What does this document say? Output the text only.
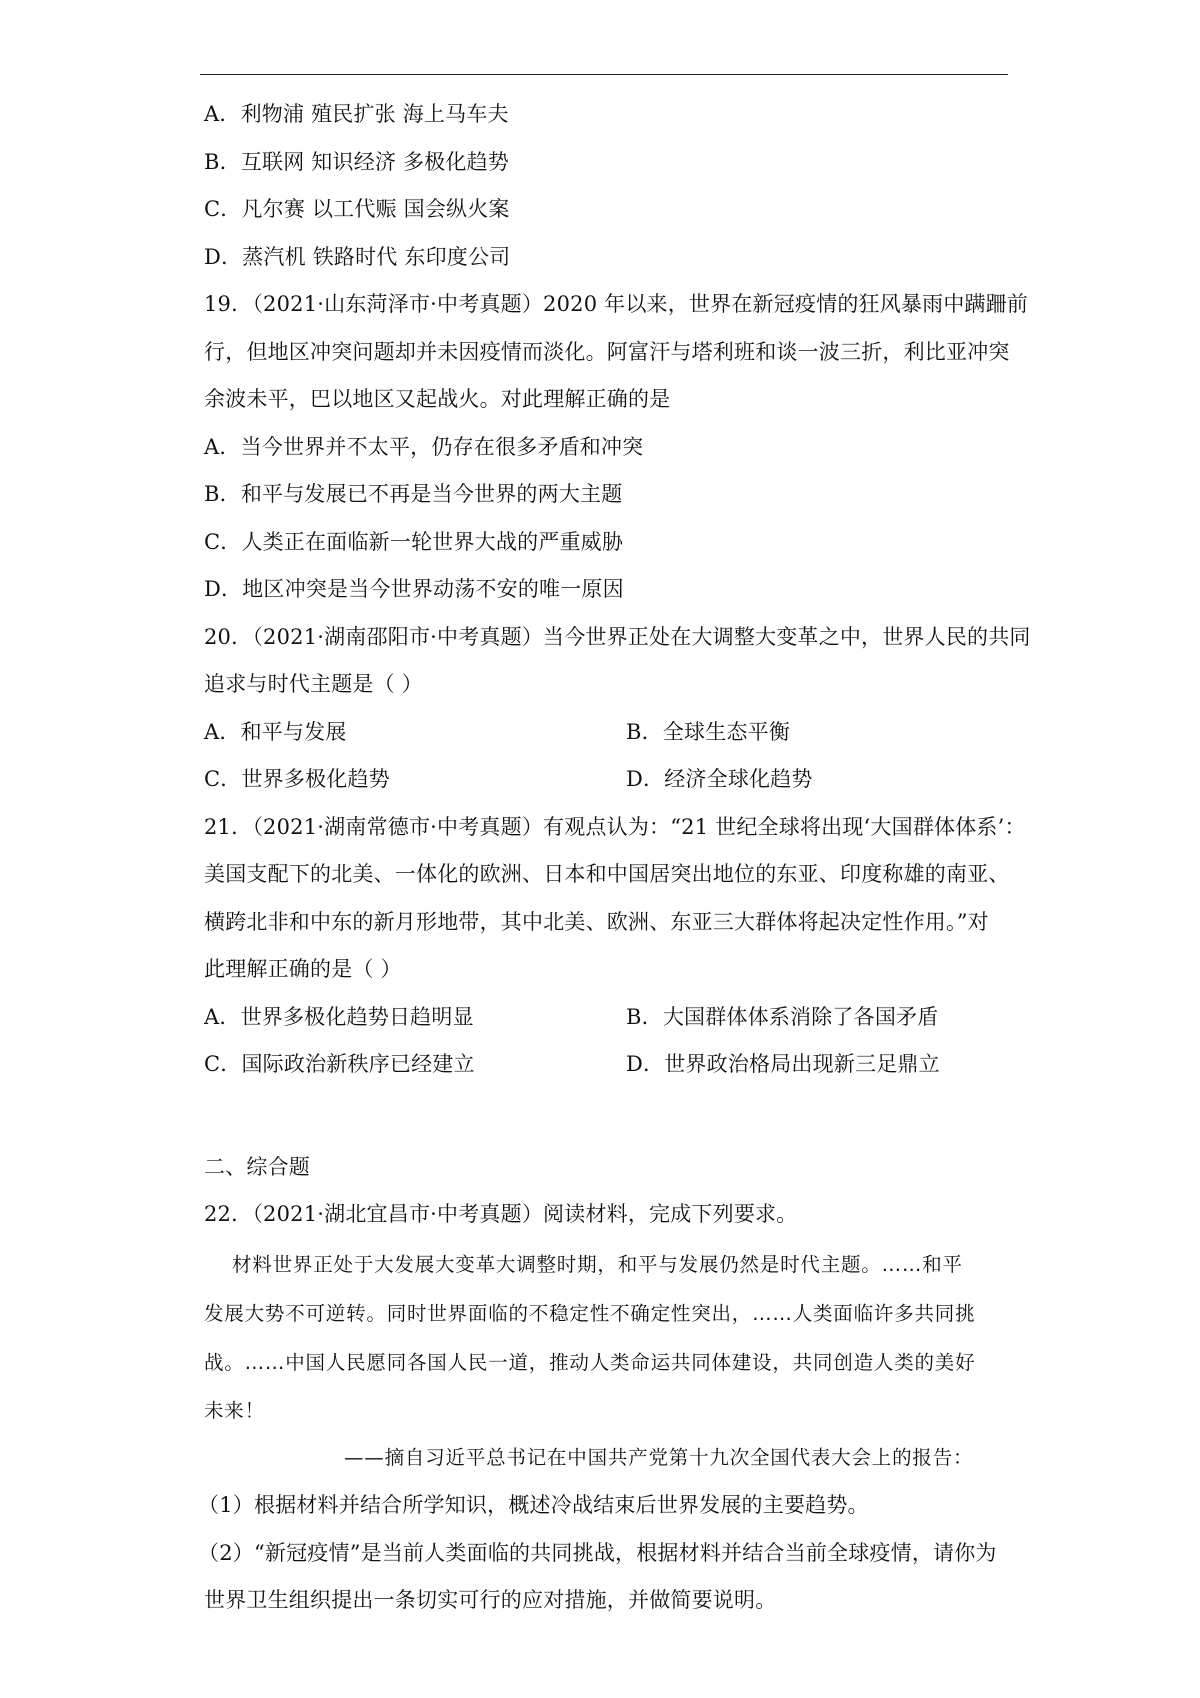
A．利物浦 殖民扩张 海上马车夫
B．互联网 知识经济 多极化趋势
C．凡尔赛 以工代赈 国会纵火案
D．蒸汽机 铁路时代 东印度公司
19．（2021·山东菏泽市·中考真题）2020 年以来，世界在新冠疫情的狂风暴雨中蹒跚前
行，但地区冲突问题却并未因疫情而淡化。阿富汗与塔利班和谈一波三折，利比亚冲突
余波未平，巴以地区又起战火。对此理解正确的是
A．当今世界并不太平，仍存在很多矛盾和冲突
B．和平与发展已不再是当今世界的两大主题
C．人类正在面临新一轮世界大战的严重威胁
D．地区冲突是当今世界动荡不安的唯一原因
20．（2021·湖南邵阳市·中考真题）当今世界正处在大调整大变革之中，世界人民的共同
追求与时代主题是（ ）
A．和平与发展	B．全球生态平衡
C．世界多极化趋势	D．经济全球化趋势
21．（2021·湖南常德市·中考真题）有观点认为：“21 世纪全球将出现‘大国群体体系’：
美国支配下的北美、一体化的欧洲、日本和中国居突出地位的东亚、印度称雄的南亚、
横跨北非和中东的新月形地带，其中北美、欧洲、东亚三大群体将起决定性作用。”对
此理解正确的是（ ）
A．世界多极化趋势日趋明显	B．大国群体体系消除了各国矛盾
C．国际政治新秩序已经建立	D．世界政治格局出现新三足鼎立
二、综合题
22．（2021·湖北宜昌市·中考真题）阅读材料，完成下列要求。
材料世界正处于大发展大变革大调整时期，和平与发展仍然是时代主题。……和平
发展大势不可逆转。同时世界面临的不稳定性不确定性突出，……人类面临许多共同挑
战。……中国人民愿同各国人民一道，推动人类命运共同体建设，共同创造人类的美好
未来！
——摘自习近平总书记在中国共产党第十九次全国代表大会上的报告：
（1）根据材料并结合所学知识，概述冷战结束后世界发展的主要趋势。
（2）“新冠疫情”是当前人类面临的共同挑战，根据材料并结合当前全球疫情，请你为
世界卫生组织提出一条切实可行的应对措施，并做简要说明。
